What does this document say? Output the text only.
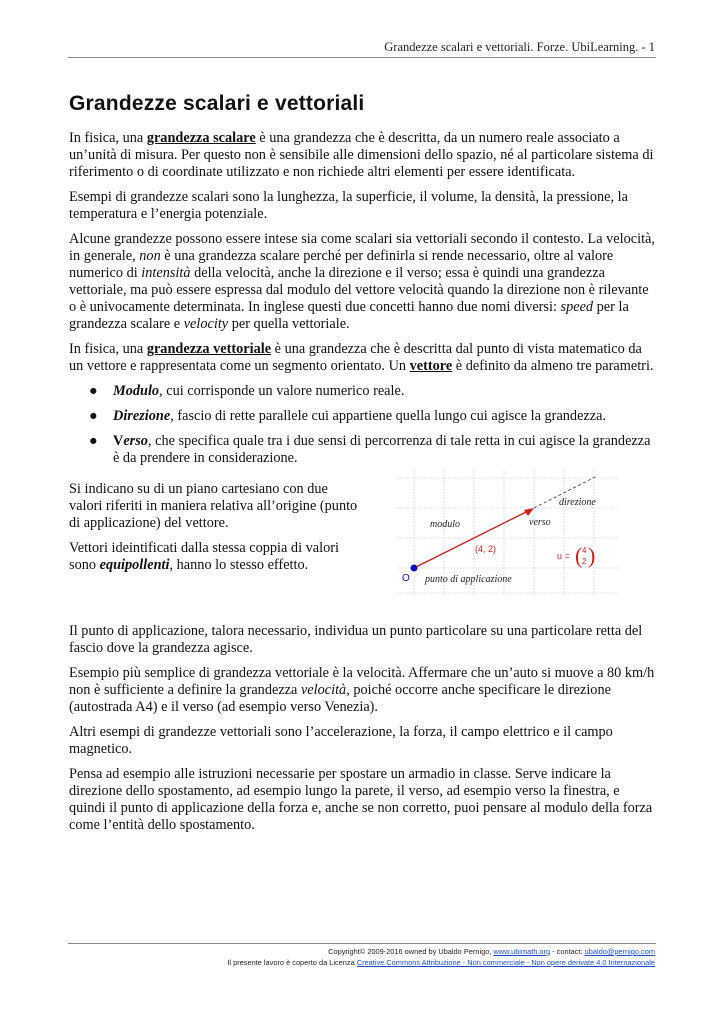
Grandezze scalari e vettoriali. Forze. UbiLearning. - 1
Grandezze scalari e vettoriali

In fisica, una grandezza scalare è una grandezza che è descritta, da un numero reale associato a un’unità di misura. Per questo non è sensibile alle dimensioni dello spazio, né al particolare sistema di riferimento o di coordinate utilizzato e non richiede altri elementi per essere identificata.

Esempi di grandezze scalari sono la lunghezza, la superficie, il volume, la densità, la pressione, la temperatura e l’energia potenziale.

Alcune grandezze possono essere intese sia come scalari sia vettoriali secondo il contesto. La velocità, in generale, non è una grandezza scalare perché per definirla si rende necessario, oltre al valore numerico di intensità della velocità, anche la direzione e il verso; essa è quindi una grandezza vettoriale, ma può essere espressa dal modulo del vettore velocità quando la direzione non è rilevante o è univocamente determinata. In inglese questi due concetti hanno due nomi diversi: speed per la grandezza scalare e velocity per quella vettoriale.

In fisica, una grandezza vettoriale è una grandezza che è descritta dal punto di vista matematico da un vettore e rappresentata come un segmento orientato. Un vettore è definito da almeno tre parametri.

● Modulo, cui corrisponde un valore numerico reale.
● Direzione, fascio di rette parallele cui appartiene quella lungo cui agisce la grandezza.
● Verso, che specifica quale tra i due sensi di percorrenza di tale retta in cui agisce la grandezza è da prendere in considerazione.

Si indicano su di un piano cartesiano con due valori riferiti in maniera relativa all’origine (punto di applicazione) del vettore.

Vettori ideintificati dalla stessa coppia di valori sono equipollenti, hanno lo stesso effetto.

O
modulo	verso
direzione
(4, 2)
u = ( 4
2 )
punto di applicazione

Il punto di applicazione, talora necessario, individua un punto particolare su una particolare retta del fascio dove la grandezza agisce.

Esempio più semplice di grandezza vettoriale è la velocità. Affermare che un’auto si muove a 80 km/h non è sufficiente a definire la grandezza velocità, poiché occorre anche specificare le direzione (autostrada A4) e il verso (ad esempio verso Venezia).

Altri esempi di grandezze vettoriali sono l’accelerazione, la forza, il campo elettrico e il campo magnetico.

Pensa ad esempio alle istruzioni necessarie per spostare un armadio in classe. Serve indicare la direzione dello spostamento, ad esempio lungo la parete, il verso, ad esempio verso la finestra, e quindi il punto di applicazione della forza e, anche se non corretto, puoi pensare al modulo della forza come l’entità dello spostamento.

Copyright© 2009-2016 owned by Ubaldo Pernigo, www.ubimath.org - contact: ubaldo@pernigo.com
Il presente lavoro è coperto da Licenza Creative Commons Attribuzione - Non commerciale - Non opere derivate 4.0 Internazionale
